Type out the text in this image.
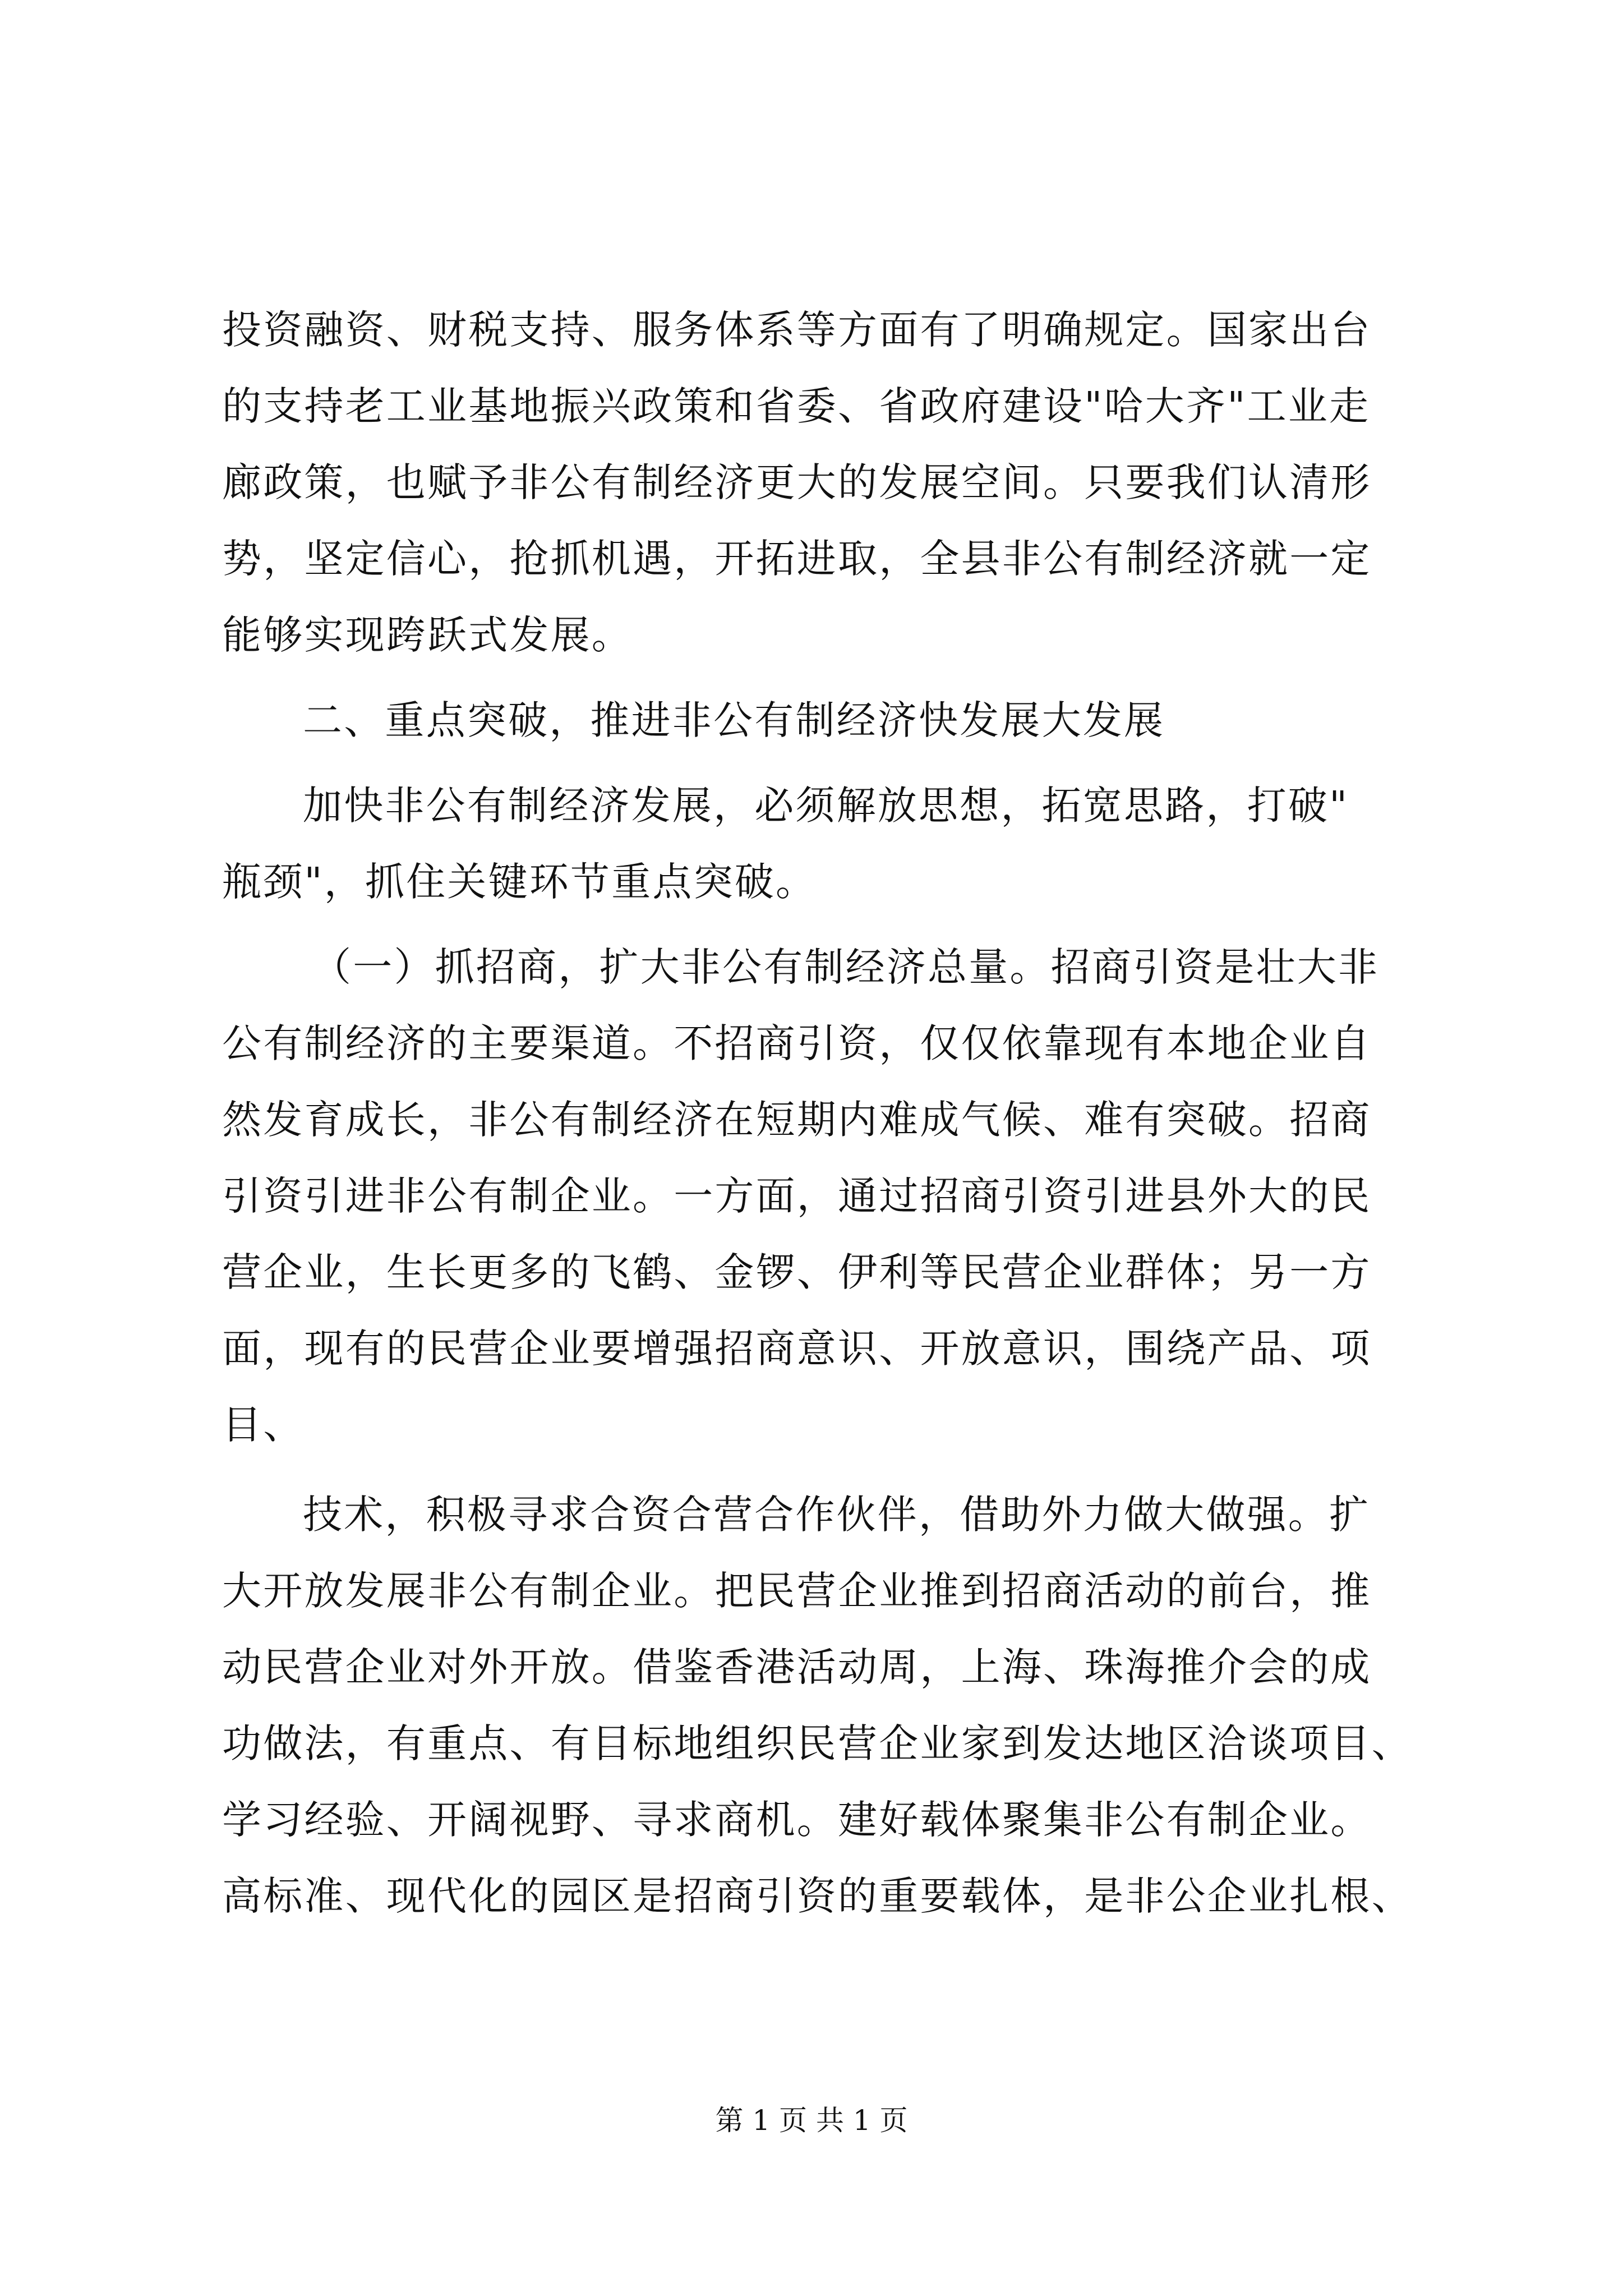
投资融资、财税支持、服务体系等方面有了明确规定。国家出台
的支持老工业基地振兴政策和省委、省政府建设"哈大齐"工业走
廊政策，也赋予非公有制经济更大的发展空间。只要我们认清形
势，坚定信心，抢抓机遇，开拓进取，全县非公有制经济就一定
能够实现跨跃式发展。
二、重点突破，推进非公有制经济快发展大发展
加快非公有制经济发展，必须解放思想，拓宽思路，打破"
瓶颈"，抓住关键环节重点突破。
（一）抓招商，扩大非公有制经济总量。招商引资是壮大非
公有制经济的主要渠道。不招商引资，仅仅依靠现有本地企业自
然发育成长，非公有制经济在短期内难成气候、难有突破。招商
引资引进非公有制企业。一方面，通过招商引资引进县外大的民
营企业，生长更多的飞鹤、金锣、伊利等民营企业群体；另一方
面，现有的民营企业要增强招商意识、开放意识，围绕产品、项
目、
技术，积极寻求合资合营合作伙伴，借助外力做大做强。扩
大开放发展非公有制企业。把民营企业推到招商活动的前台，推
动民营企业对外开放。借鉴香港活动周，上海、珠海推介会的成
功做法，有重点、有目标地组织民营企业家到发达地区洽谈项目、
学习经验、开阔视野、寻求商机。建好载体聚集非公有制企业。
高标准、现代化的园区是招商引资的重要载体，是非公企业扎根、
第 1 页 共 1 页
